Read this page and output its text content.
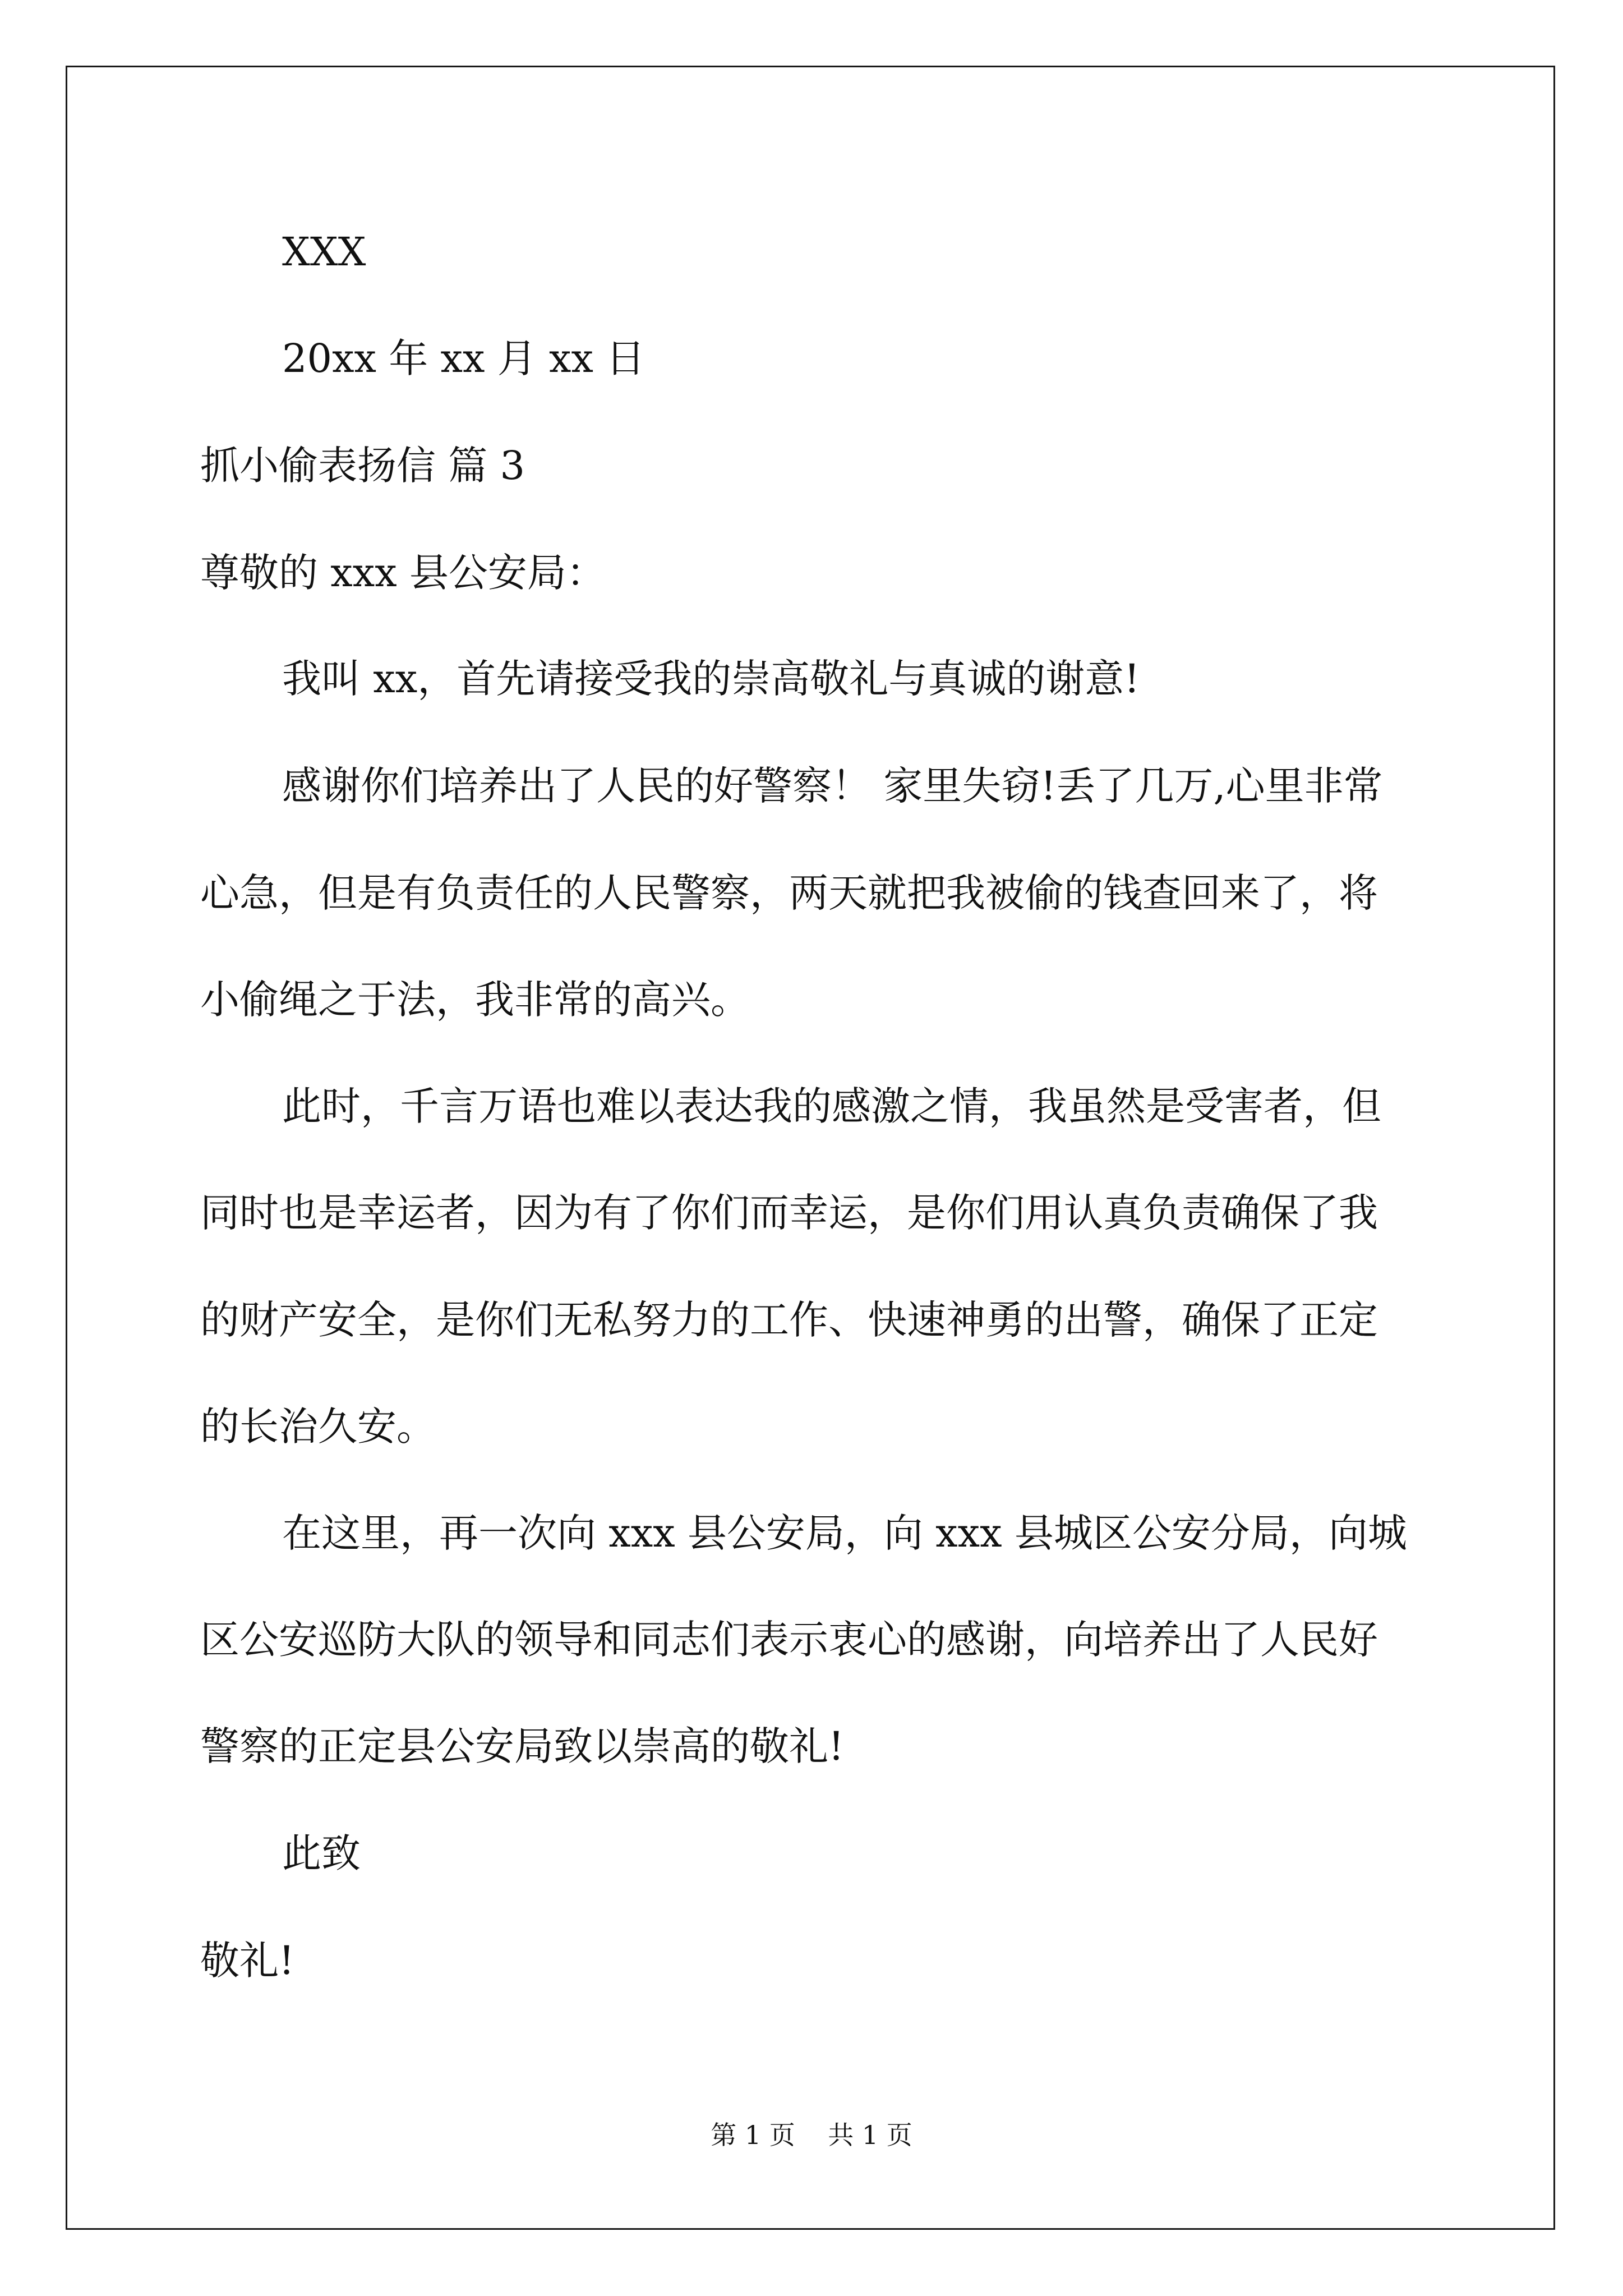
XXX

20xx 年 xx 月 xx 日

抓小偷表扬信 篇 3

尊敬的 xxx 县公安局：

我叫 xx，首先请接受我的崇高敬礼与真诚的谢意!

感谢你们培养出了人民的好警察！ 家里失窃!丢了几万,心里非常

心急，但是有负责任的人民警察，两天就把我被偷的钱查回来了，将

小偷绳之于法，我非常的高兴。

此时，千言万语也难以表达我的感激之情，我虽然是受害者，但

同时也是幸运者，因为有了你们而幸运，是你们用认真负责确保了我

的财产安全，是你们无私努力的工作、快速神勇的出警，确保了正定

的长治久安。

在这里，再一次向 xxx 县公安局，向 xxx 县城区公安分局，向城

区公安巡防大队的领导和同志们表示衷心的感谢，向培养出了人民好

警察的正定县公安局致以崇高的敬礼!

此致

敬礼!

第 1 页    共 1 页
